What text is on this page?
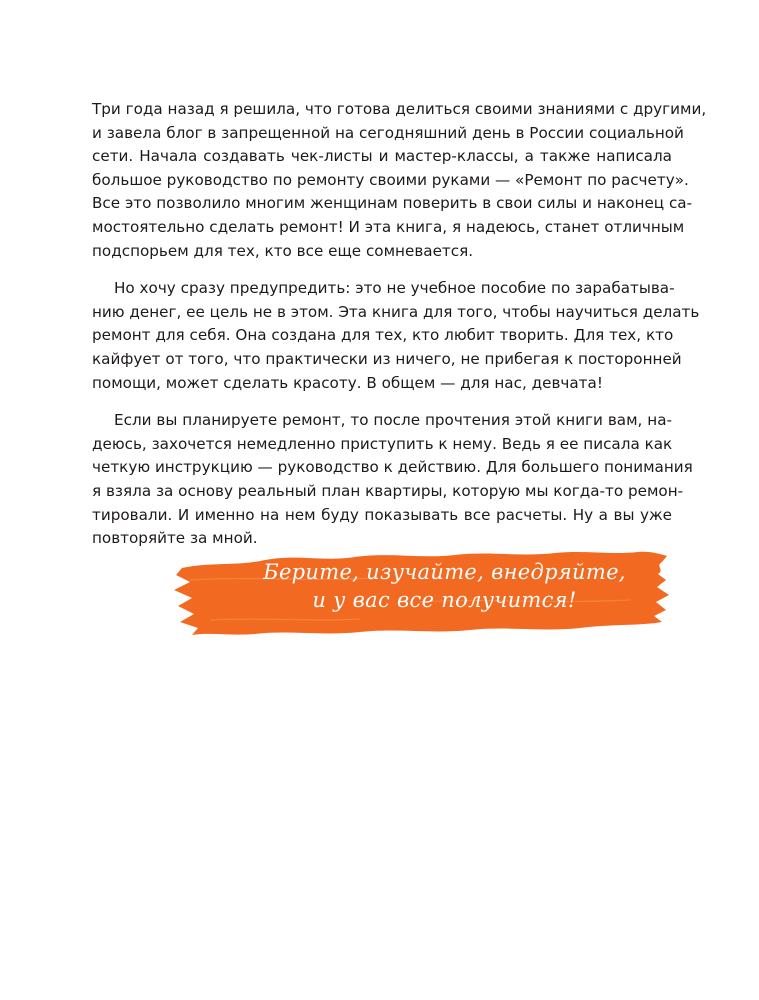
Три года назад я решила, что готова делиться своими знаниями с другими,
и завела блог в запрещенной на сегодняшний день в России социальной
сети. Начала создавать чек-листы и мастер-классы, а также написала
большое руководство по ремонту своими руками — «Ремонт по расчету».
Все это позволило многим женщинам поверить в свои силы и наконец са-
мостоятельно сделать ремонт! И эта книга, я надеюсь, станет отличным
подспорьем для тех, кто все еще сомневается.

Но хочу сразу предупредить: это не учебное пособие по зарабатыва-
нию денег, ее цель не в этом. Эта книга для того, чтобы научиться делать
ремонт для себя. Она создана для тех, кто любит творить. Для тех, кто
кайфует от того, что практически из ничего, не прибегая к посторонней
помощи, может сделать красоту. В общем — для нас, девчата!

Если вы планируете ремонт, то после прочтения этой книги вам, на-
деюсь, захочется немедленно приступить к нему. Ведь я ее писала как
четкую инструкцию — руководство к действию. Для большего понимания
я взяла за основу реальный план квартиры, которую мы когда-то ремон-
тировали. И именно на нем буду показывать все расчеты. Ну а вы уже
повторяйте за мной.

Берите, изучайте, внедряйте,
и у вас все получится!
